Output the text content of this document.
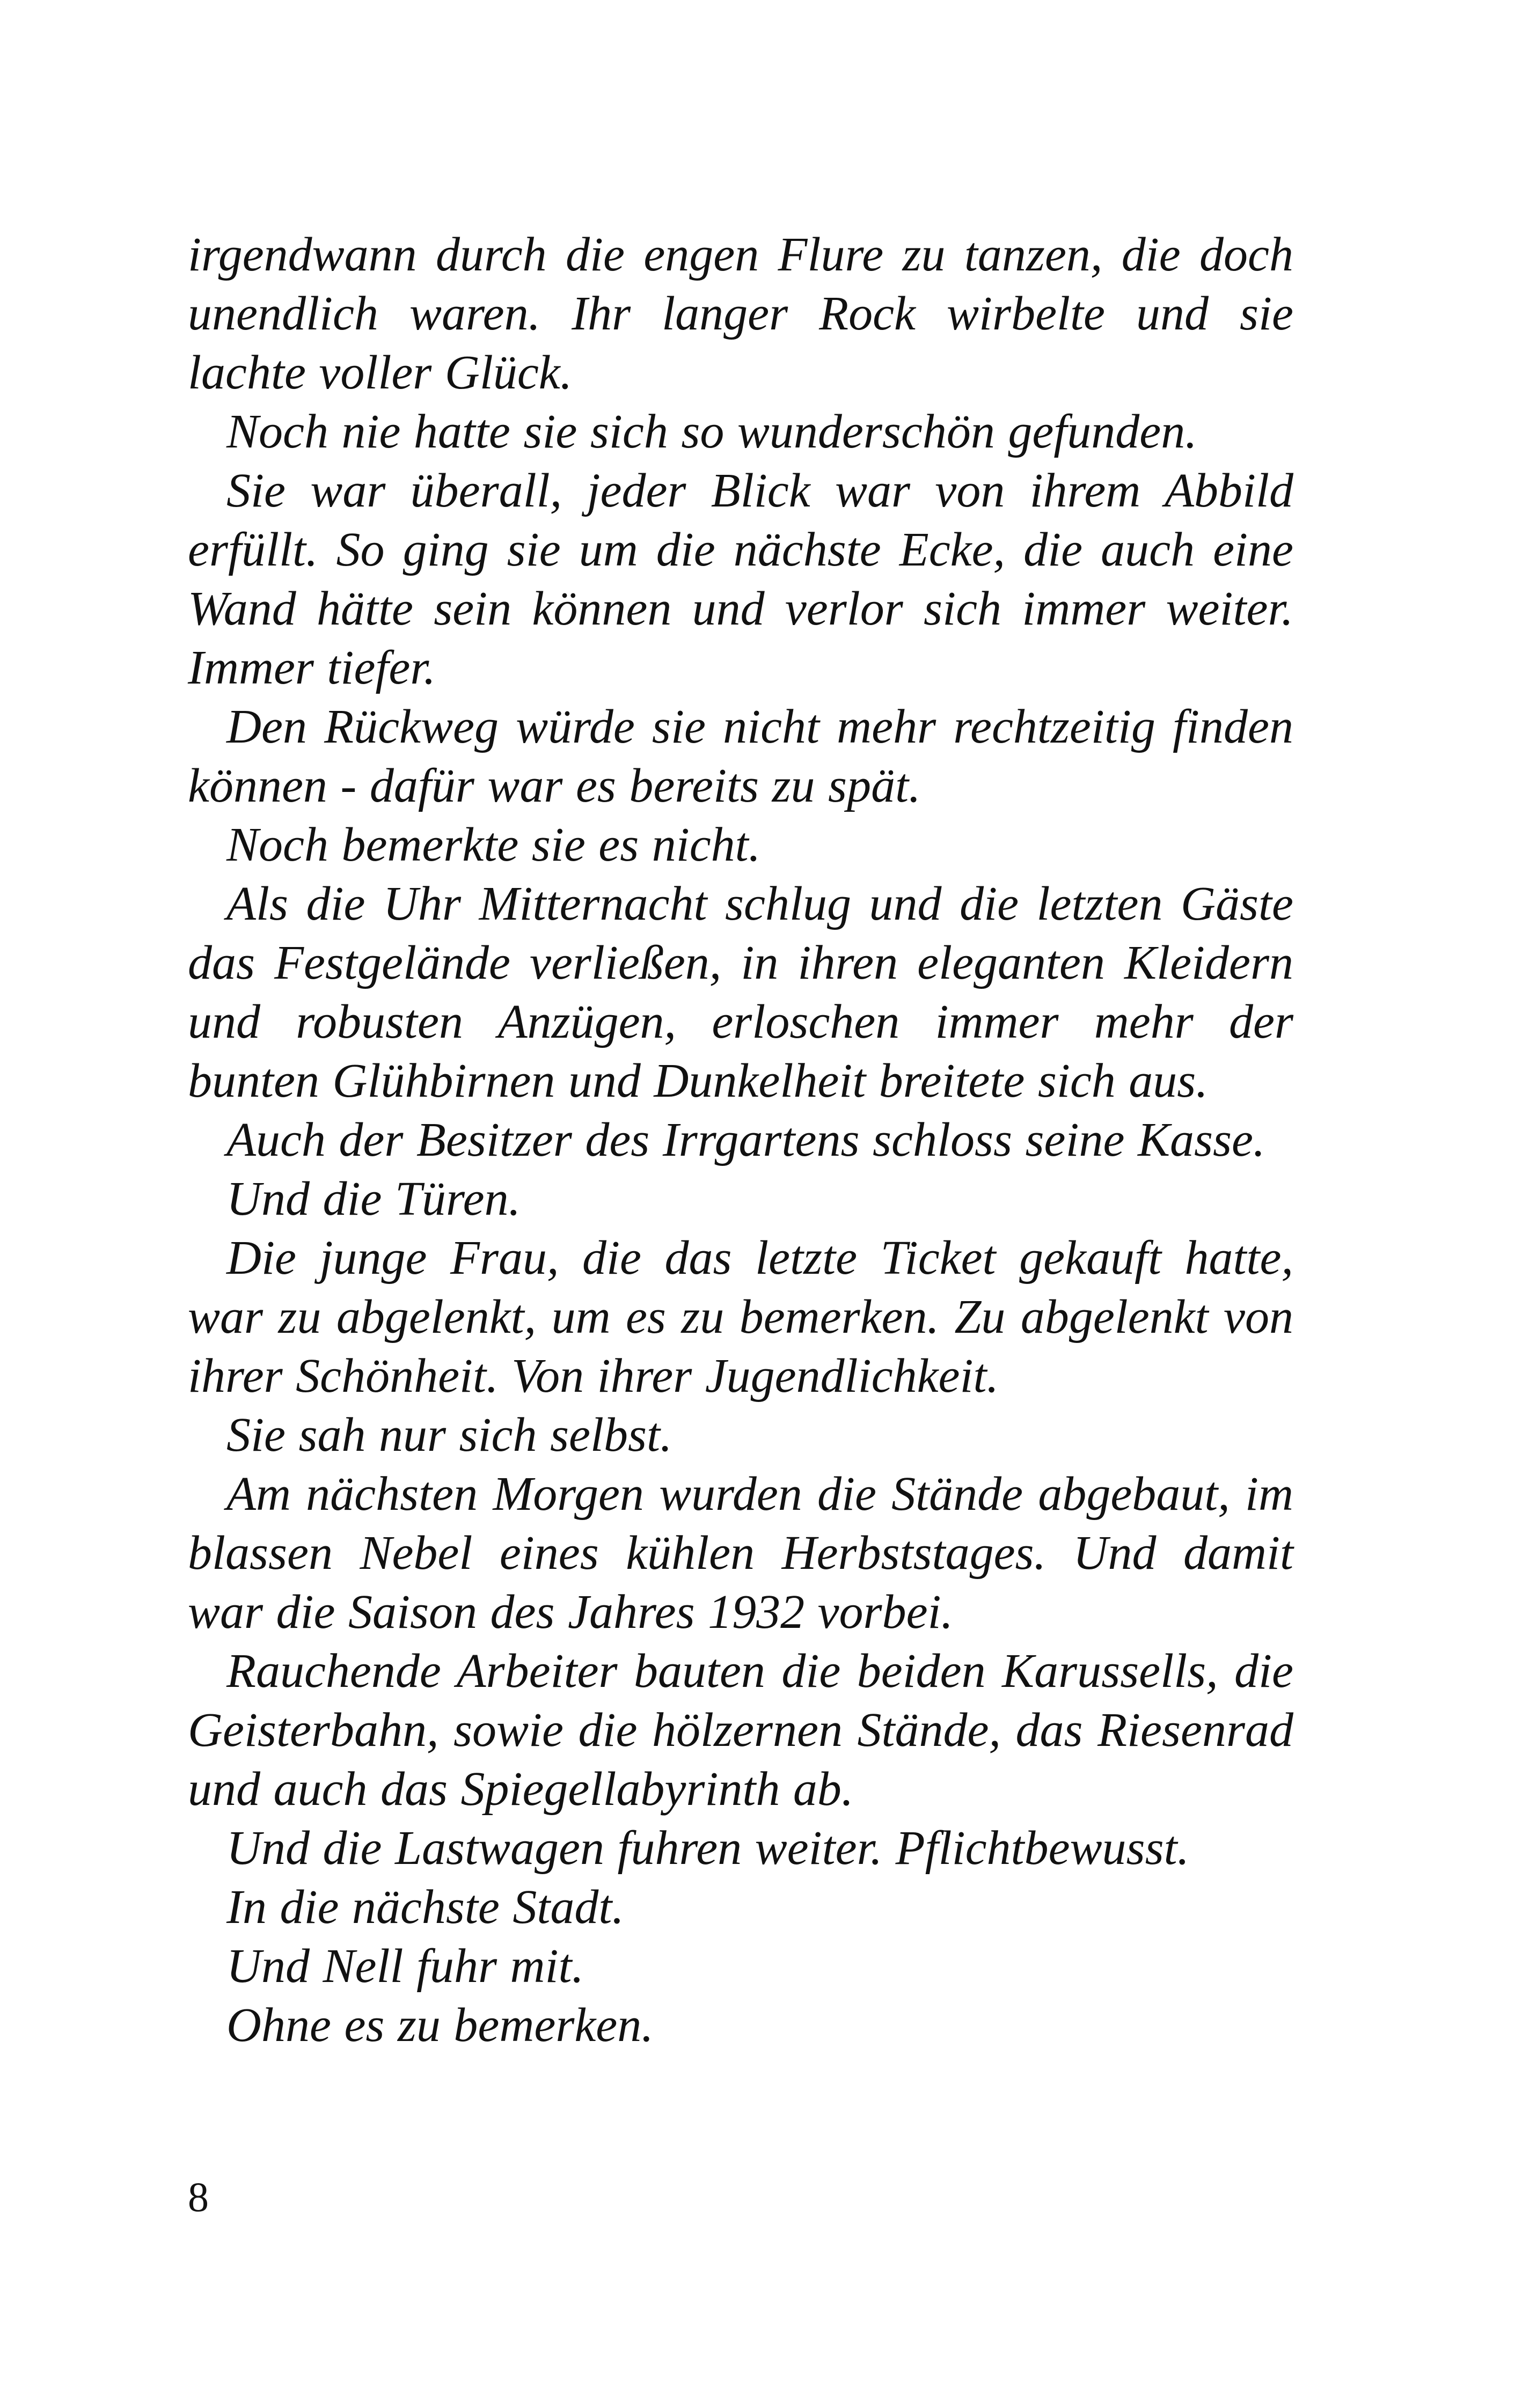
irgendwann durch die engen Flure zu tanzen, die doch unendlich waren. Ihr langer Rock wirbelte und sie lachte voller Glück.

Noch nie hatte sie sich so wunderschön gefunden.

Sie war überall, jeder Blick war von ihrem Abbild erfüllt. So ging sie um die nächste Ecke, die auch eine Wand hätte sein können und verlor sich immer weiter. Immer tiefer.

Den Rückweg würde sie nicht mehr rechtzeitig finden können - dafür war es bereits zu spät.

Noch bemerkte sie es nicht.

Als die Uhr Mitternacht schlug und die letzten Gäste das Festgelände verließen, in ihren eleganten Kleidern und robusten Anzügen, erloschen immer mehr der bunten Glühbirnen und Dunkelheit breitete sich aus.

Auch der Besitzer des Irrgartens schloss seine Kasse.

Und die Türen.

Die junge Frau, die das letzte Ticket gekauft hatte, war zu abgelenkt, um es zu bemerken. Zu abgelenkt von ihrer Schönheit. Von ihrer Jugendlichkeit.

Sie sah nur sich selbst.

Am nächsten Morgen wurden die Stände abgebaut, im blassen Nebel eines kühlen Herbststages. Und damit war die Saison des Jahres 1932 vorbei.

Rauchende Arbeiter bauten die beiden Karussells, die Geisterbahn, sowie die hölzernen Stände, das Riesenrad und auch das Spiegellabyrinth ab.

Und die Lastwagen fuhren weiter. Pflichtbewusst.

In die nächste Stadt.

Und Nell fuhr mit.

Ohne es zu bemerken.

8
